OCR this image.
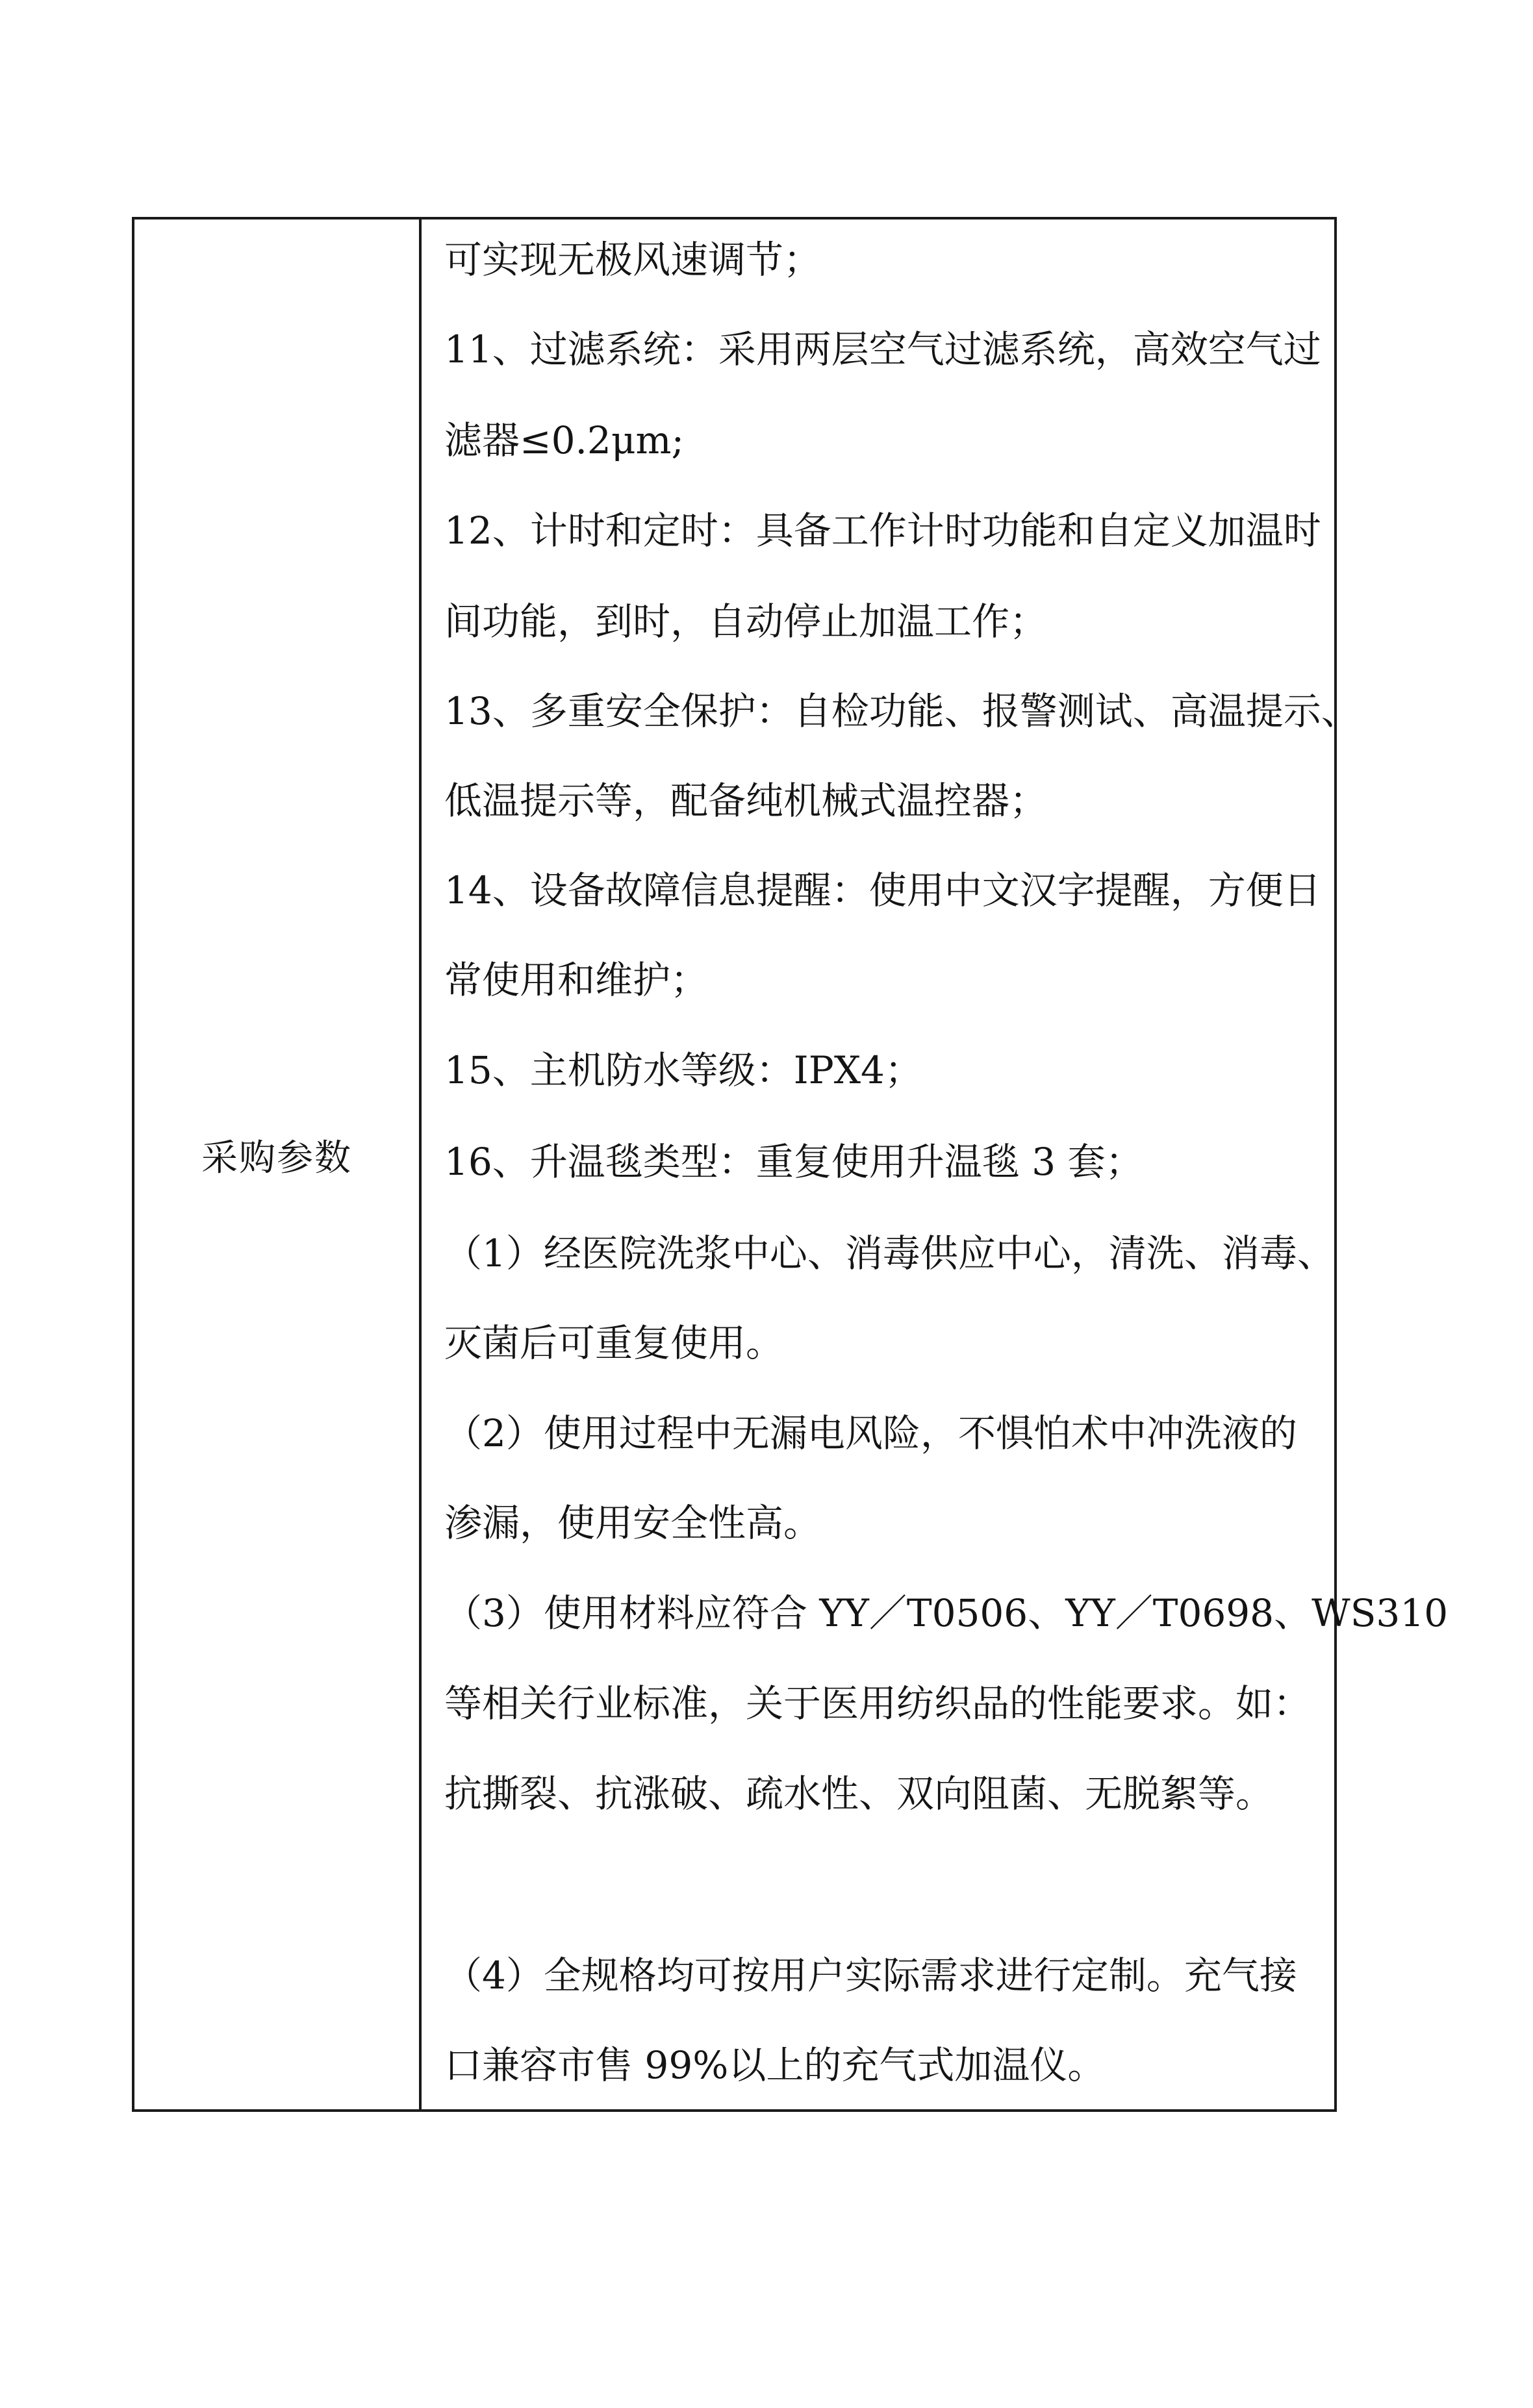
采购参数
可实现无极风速调节；
11、过滤系统：采用两层空气过滤系统，高效空气过
滤器≤0.2μm;
12、计时和定时：具备工作计时功能和自定义加温时
间功能，到时，自动停止加温工作；
13、多重安全保护：自检功能、报警测试、高温提示、
低温提示等，配备纯机械式温控器；
14、设备故障信息提醒：使用中文汉字提醒，方便日
常使用和维护；
15、主机防水等级：IPX4；
16、升温毯类型：重复使用升温毯 3 套；
（1）经医院洗浆中心、消毒供应中心，清洗、消毒、
灭菌后可重复使用。
（2）使用过程中无漏电风险，不惧怕术中冲洗液的
渗漏，使用安全性高。
（3）使用材料应符合 YY／T0506、YY／T0698、WS310
等相关行业标准，关于医用纺织品的性能要求。如：
抗撕裂、抗涨破、疏水性、双向阻菌、无脱絮等。
（4）全规格均可按用户实际需求进行定制。充气接
口兼容市售 99%以上的充气式加温仪。
